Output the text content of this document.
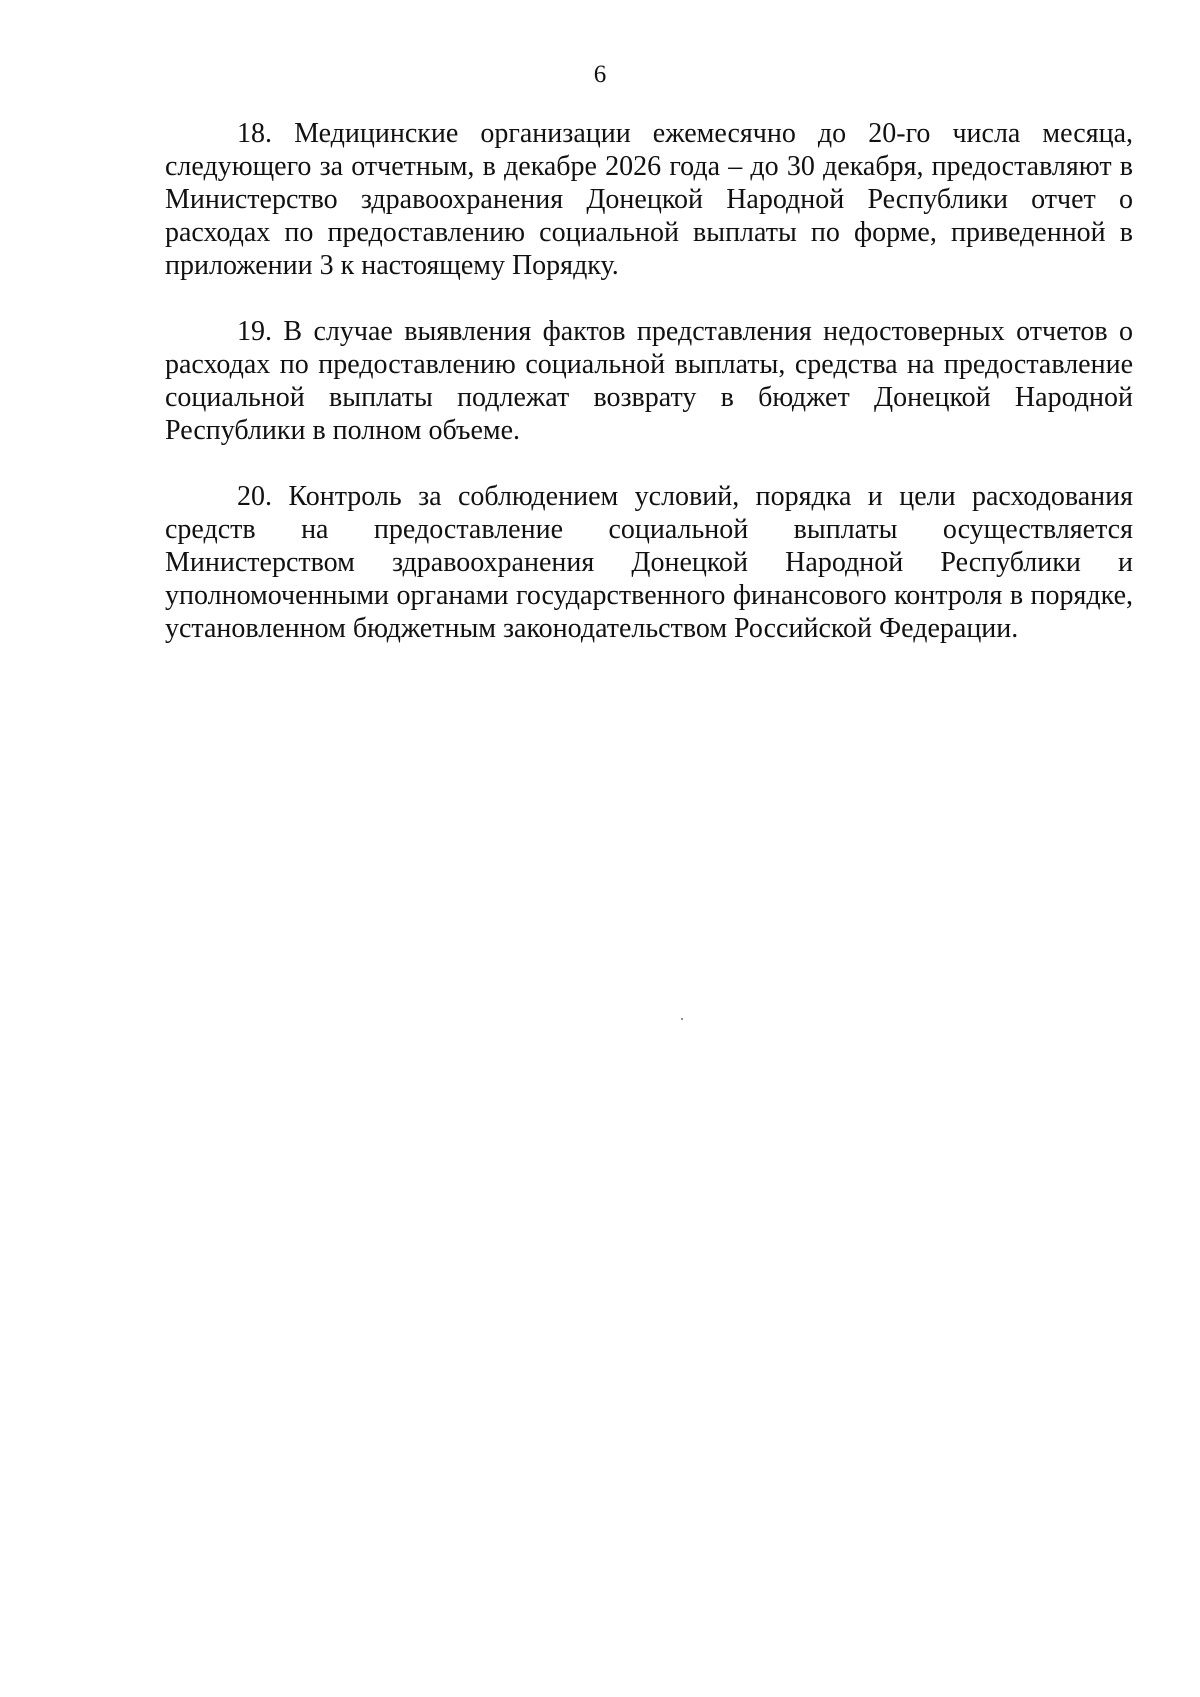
6

18. Медицинские организации ежемесячно до 20-го числа месяца, следующего за отчетным, в декабре 2026 года – до 30 декабря, предоставляют в Министерство здравоохранения Донецкой Народной Республики отчет о расходах по предоставлению социальной выплаты по форме, приведенной в приложении 3 к настоящему Порядку.

19. В случае выявления фактов представления недостоверных отчетов о расходах по предоставлению социальной выплаты, средства на предоставление социальной выплаты подлежат возврату в бюджет Донецкой Народной Республики в полном объеме.

20. Контроль за соблюдением условий, порядка и цели расходования средств на предоставление социальной выплаты осуществляется Министерством здравоохранения Донецкой Народной Республики и уполномоченными органами государственного финансового контроля в порядке, установленном бюджетным законодательством Российской Федерации.
